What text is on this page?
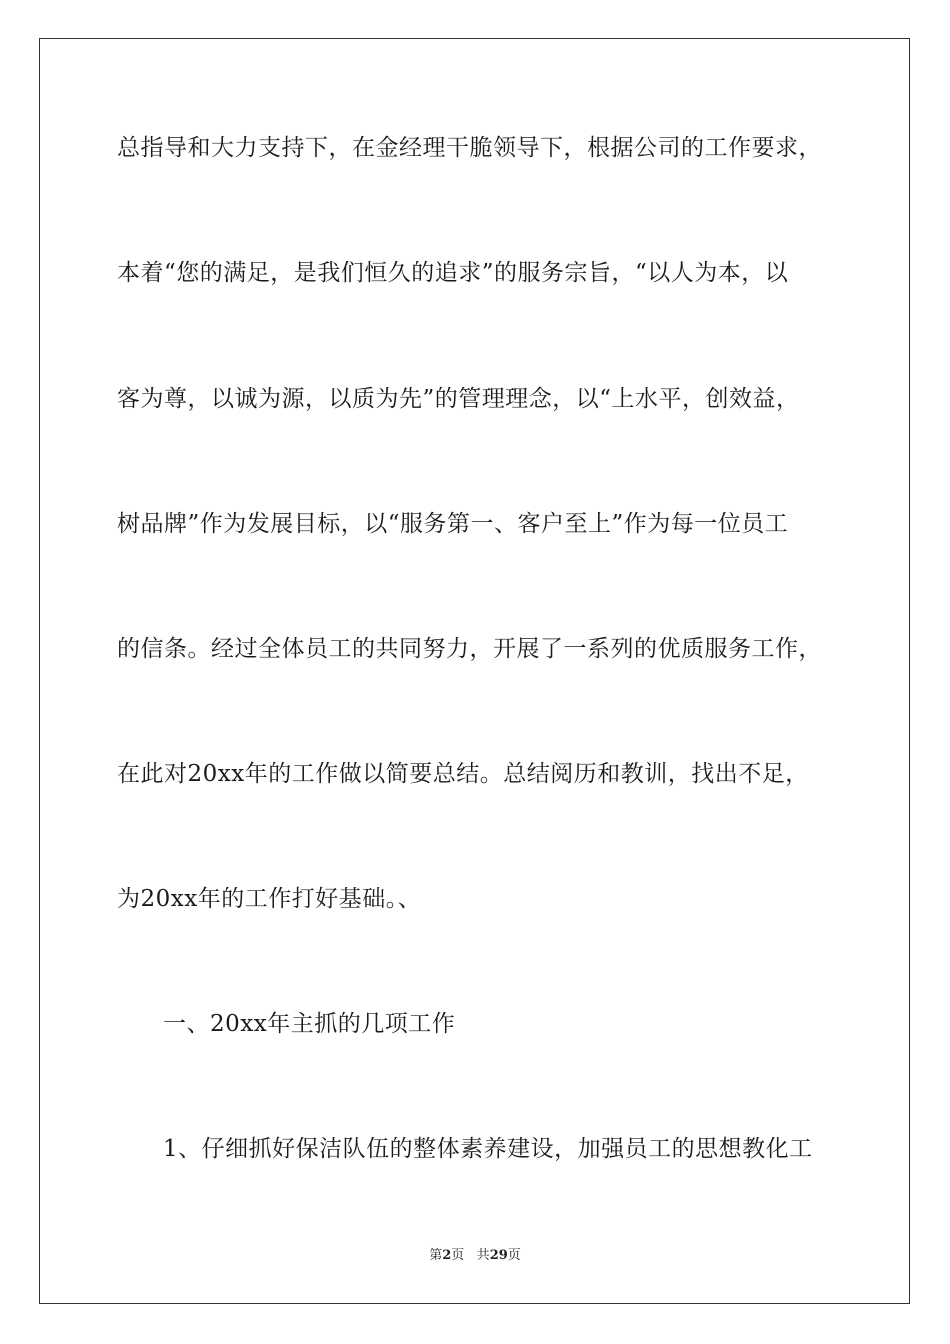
总指导和大力支持下，在金经理干脆领导下，根据公司的工作要求，
本着“您的满足，是我们恒久的追求”的服务宗旨，“以人为本，以
客为尊，以诚为源，以质为先”的管理理念，以“上水平，创效益，
树品牌”作为发展目标，以“服务第一、客户至上”作为每一位员工
的信条。经过全体员工的共同努力，开展了一系列的优质服务工作，
在此对20xx年的工作做以简要总结。总结阅历和教训，找出不足，
为20xx年的工作打好基础。、
一、20xx年主抓的几项工作
1、仔细抓好保洁队伍的整体素养建设，加强员工的思想教化工
第2页 共29页
